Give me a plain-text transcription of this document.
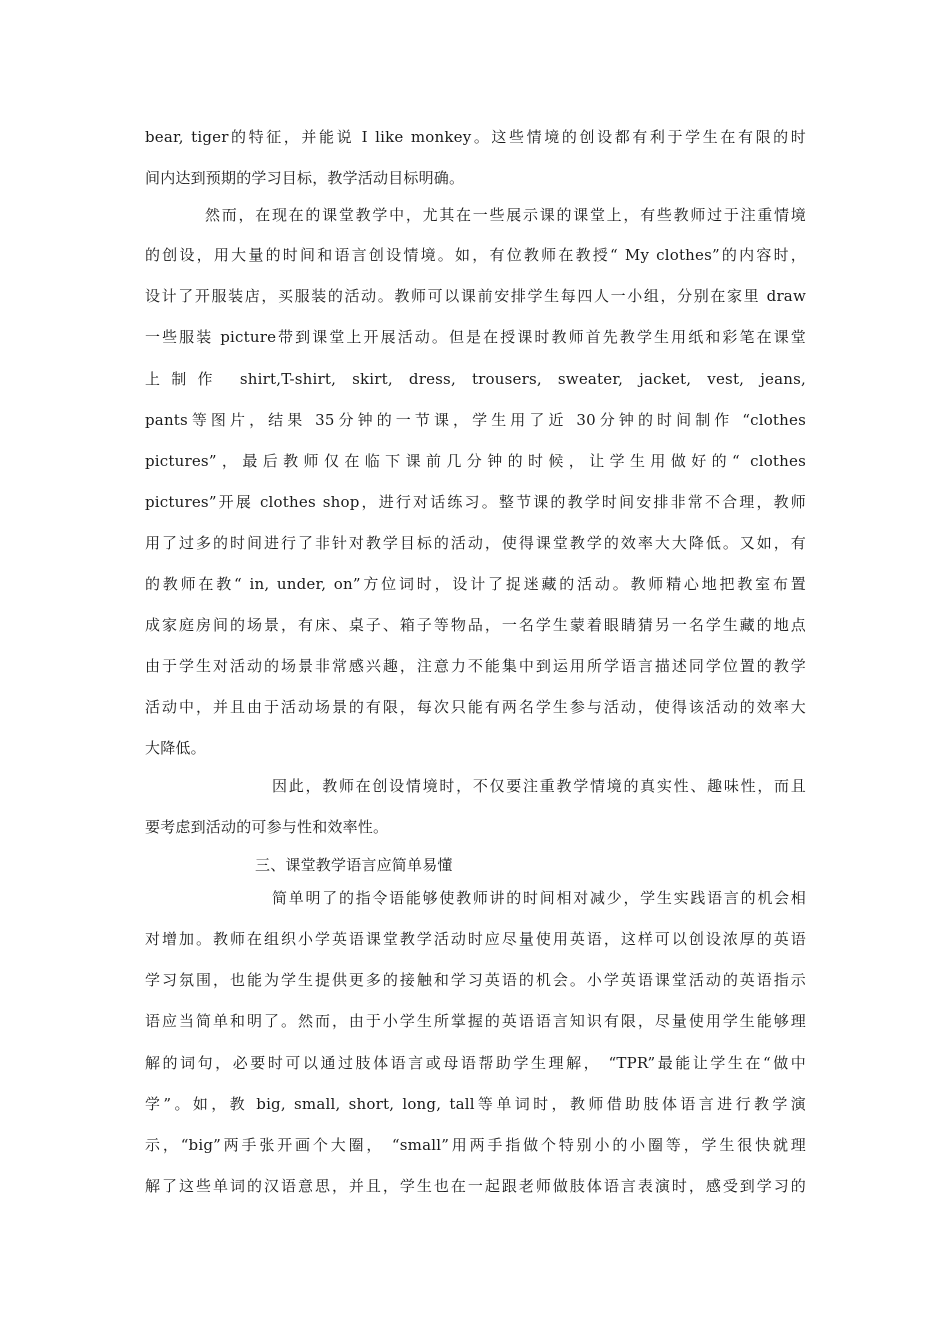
bear, tiger的特征，并能说 I like monkey。这些情境的创设都有利于学生在有限的时
间内达到预期的学习目标，教学活动目标明确。
然而，在现在的课堂教学中，尤其在一些展示课的课堂上，有些教师过于注重情境
的创设，用大量的时间和语言创设情境。如，有位教师在教授“ My clothes”的内容时，
设计了开服装店，买服装的活动。教师可以课前安排学生每四人一小组，分别在家里 draw
一些服装 picture带到课堂上开展活动。但是在授课时教师首先教学生用纸和彩笔在课堂
上制作 shirt,T-shirt, skirt, dress, trousers, sweater, jacket, vest, jeans,
pants等图片，结果 35分钟的一节课，学生用了近 30分钟的时间制作 “clothes
pictures”，最后教师仅在临下课前几分钟的时候，让学生用做好的“ clothes
pictures”开展 clothes shop，进行对话练习。整节课的教学时间安排非常不合理，教师
用了过多的时间进行了非针对教学目标的活动，使得课堂教学的效率大大降低。又如，有
的教师在教“ in, under, on”方位词时，设计了捉迷藏的活动。教师精心地把教室布置
成家庭房间的场景，有床、桌子、箱子等物品，一名学生蒙着眼睛猜另一名学生藏的地点
由于学生对活动的场景非常感兴趣，注意力不能集中到运用所学语言描述同学位置的教学
活动中，并且由于活动场景的有限，每次只能有两名学生参与活动，使得该活动的效率大
大降低。
因此，教师在创设情境时，不仅要注重教学情境的真实性、趣味性，而且
要考虑到活动的可参与性和效率性。
三、课堂教学语言应简单易懂
简单明了的指令语能够使教师讲的时间相对减少，学生实践语言的机会相
对增加。教师在组织小学英语课堂教学活动时应尽量使用英语，这样可以创设浓厚的英语
学习氛围，也能为学生提供更多的接触和学习英语的机会。小学英语课堂活动的英语指示
语应当简单和明了。然而，由于小学生所掌握的英语语言知识有限，尽量使用学生能够理
解的词句，必要时可以通过肢体语言或母语帮助学生理解， “TPR”最能让学生在“做中
学”。如，教 big, small, short, long, tall等单词时，教师借助肢体语言进行教学演
示，“big”两手张开画个大圈， “small”用两手指做个特别小的小圈等，学生很快就理
解了这些单词的汉语意思，并且，学生也在一起跟老师做肢体语言表演时，感受到学习的
